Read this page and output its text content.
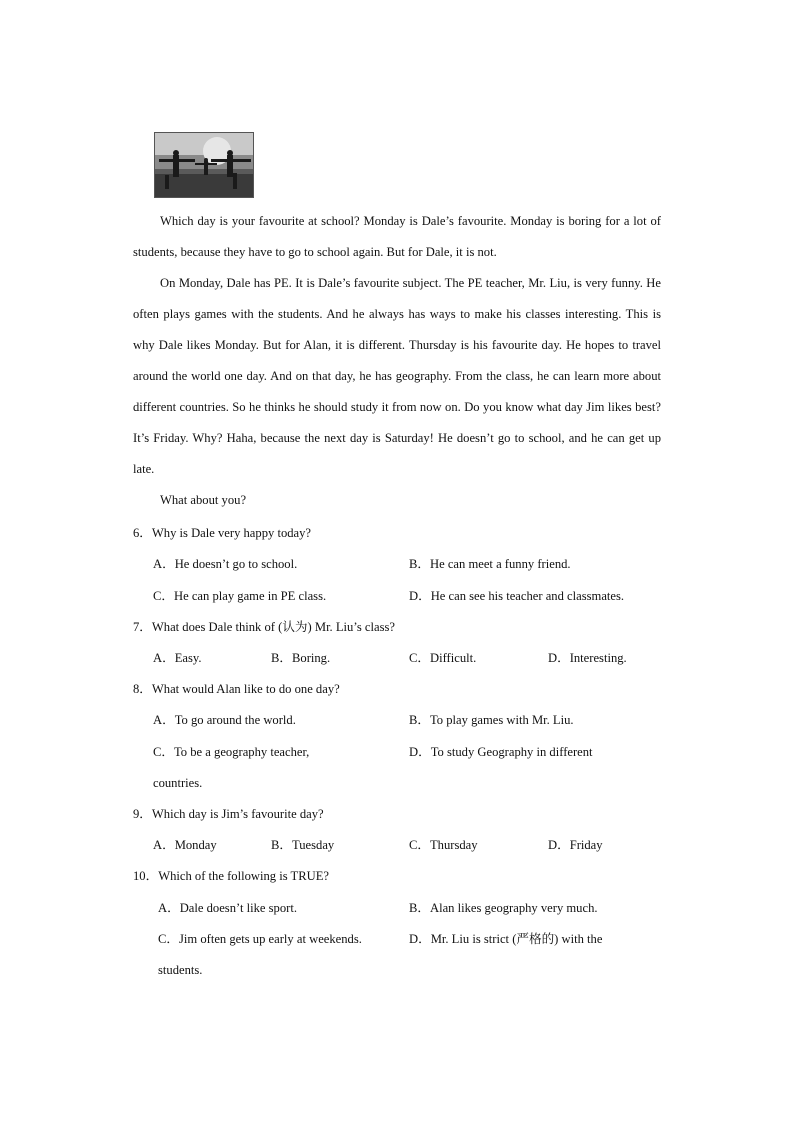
Which day is your favourite at school? Monday is Dale’s favourite. Monday is boring for a lot of students, because they have to go to school again. But for Dale, it is not.

On Monday, Dale has PE. It is Dale’s favourite subject. The PE teacher, Mr. Liu, is very funny. He often plays games with the students. And he always has ways to make his classes interesting. This is why Dale likes Monday. But for Alan, it is different. Thursday is his favourite day. He hopes to travel around the world one day. And on that day, he has geography. From the class, he can learn more about different countries. So he thinks he should study it from now on. Do you know what day Jim likes best? It’s Friday. Why? Haha, because the next day is Saturday! He doesn’t go to school, and he can get up late.

What about you?

6．Why is Dale very happy today?
A．He doesn’t go to school.	B．He can meet a funny friend.
C．He can play game in PE class.	D．He can see his teacher and classmates.
7．What does Dale think of (认为) Mr. Liu’s class?
A．Easy.	B．Boring.	C．Difficult.	D．Interesting.
8．What would Alan like to do one day?
A．To go around the world.	B．To play games with Mr. Liu.
C．To be a geography teacher,	D．To study Geography in different
countries.
9．Which day is Jim’s favourite day?
A．Monday	B．Tuesday	C．Thursday	D．Friday
10．Which of the following is TRUE?
A．Dale doesn’t like sport.	B．Alan likes geography very much.
C．Jim often gets up early at weekends.	D．Mr. Liu is strict (严格的) with the
students.
